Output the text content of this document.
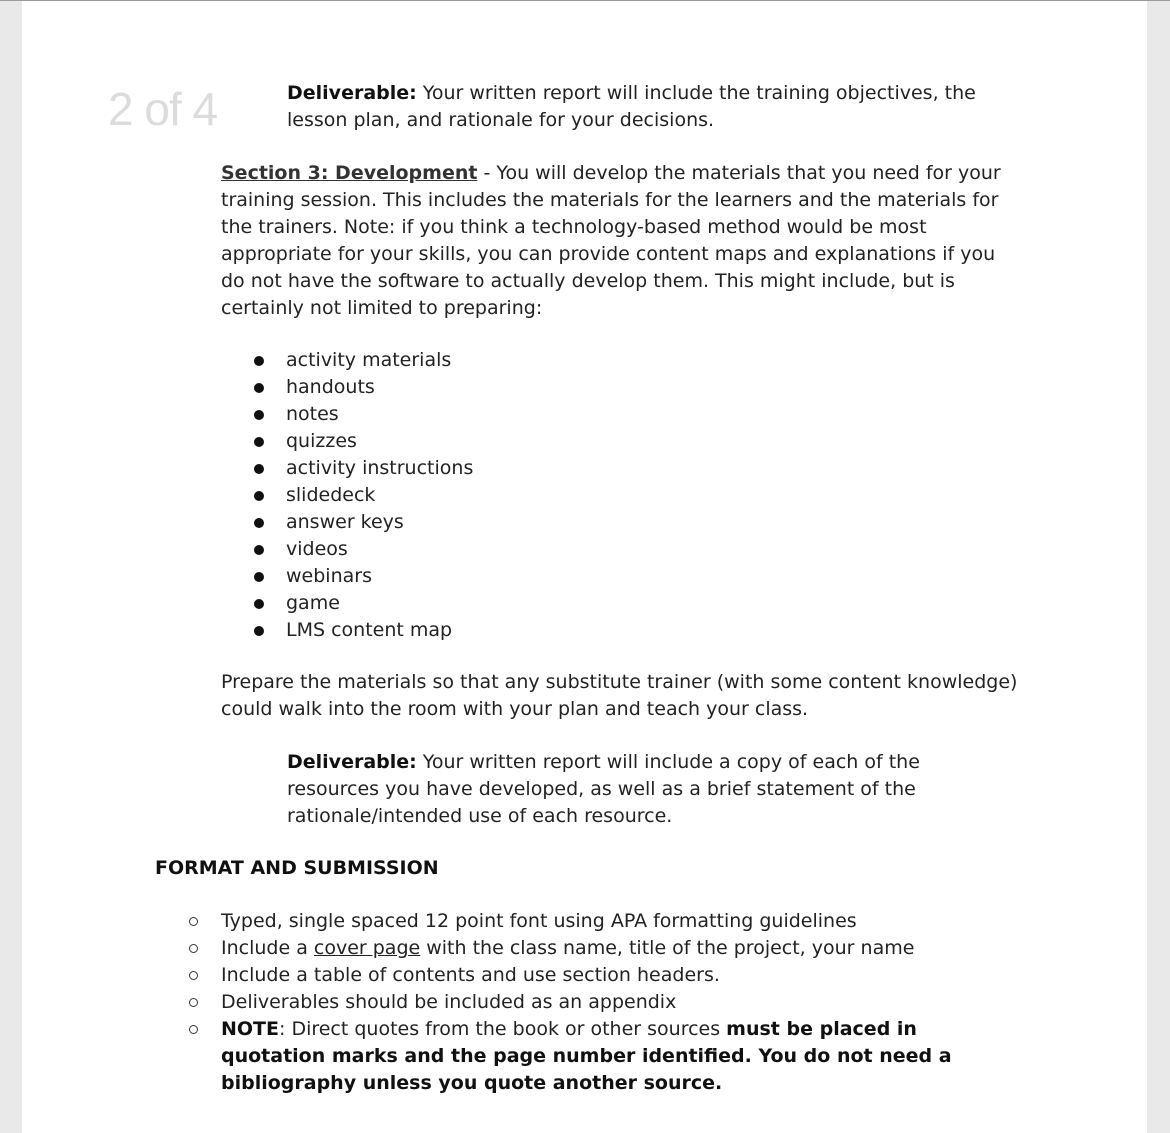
2 of 4	Deliverable: Your written report will include the training objectives, the lesson plan, and rationale for your decisions.
Section 3: Development - You will develop the materials that you need for your training session. This includes the materials for the learners and the materials for the trainers. Note: if you think a technology-based method would be most appropriate for your skills, you can provide content maps and explanations if you do not have the software to actually develop them. This might include, but is certainly not limited to preparing:
activity materials
handouts
notes
quizzes
activity instructions
slidedeck
answer keys
videos
webinars
game
LMS content map
Prepare the materials so that any substitute trainer (with some content knowledge) could walk into the room with your plan and teach your class.
Deliverable: Your written report will include a copy of each of the resources you have developed, as well as a brief statement of the rationale/intended use of each resource.
FORMAT AND SUBMISSION
Typed, single spaced 12 point font using APA formatting guidelines
Include a cover page with the class name, title of the project, your name
Include a table of contents and use section headers.
Deliverables should be included as an appendix
NOTE: Direct quotes from the book or other sources must be placed in quotation marks and the page number identified. You do not need a bibliography unless you quote another source.
